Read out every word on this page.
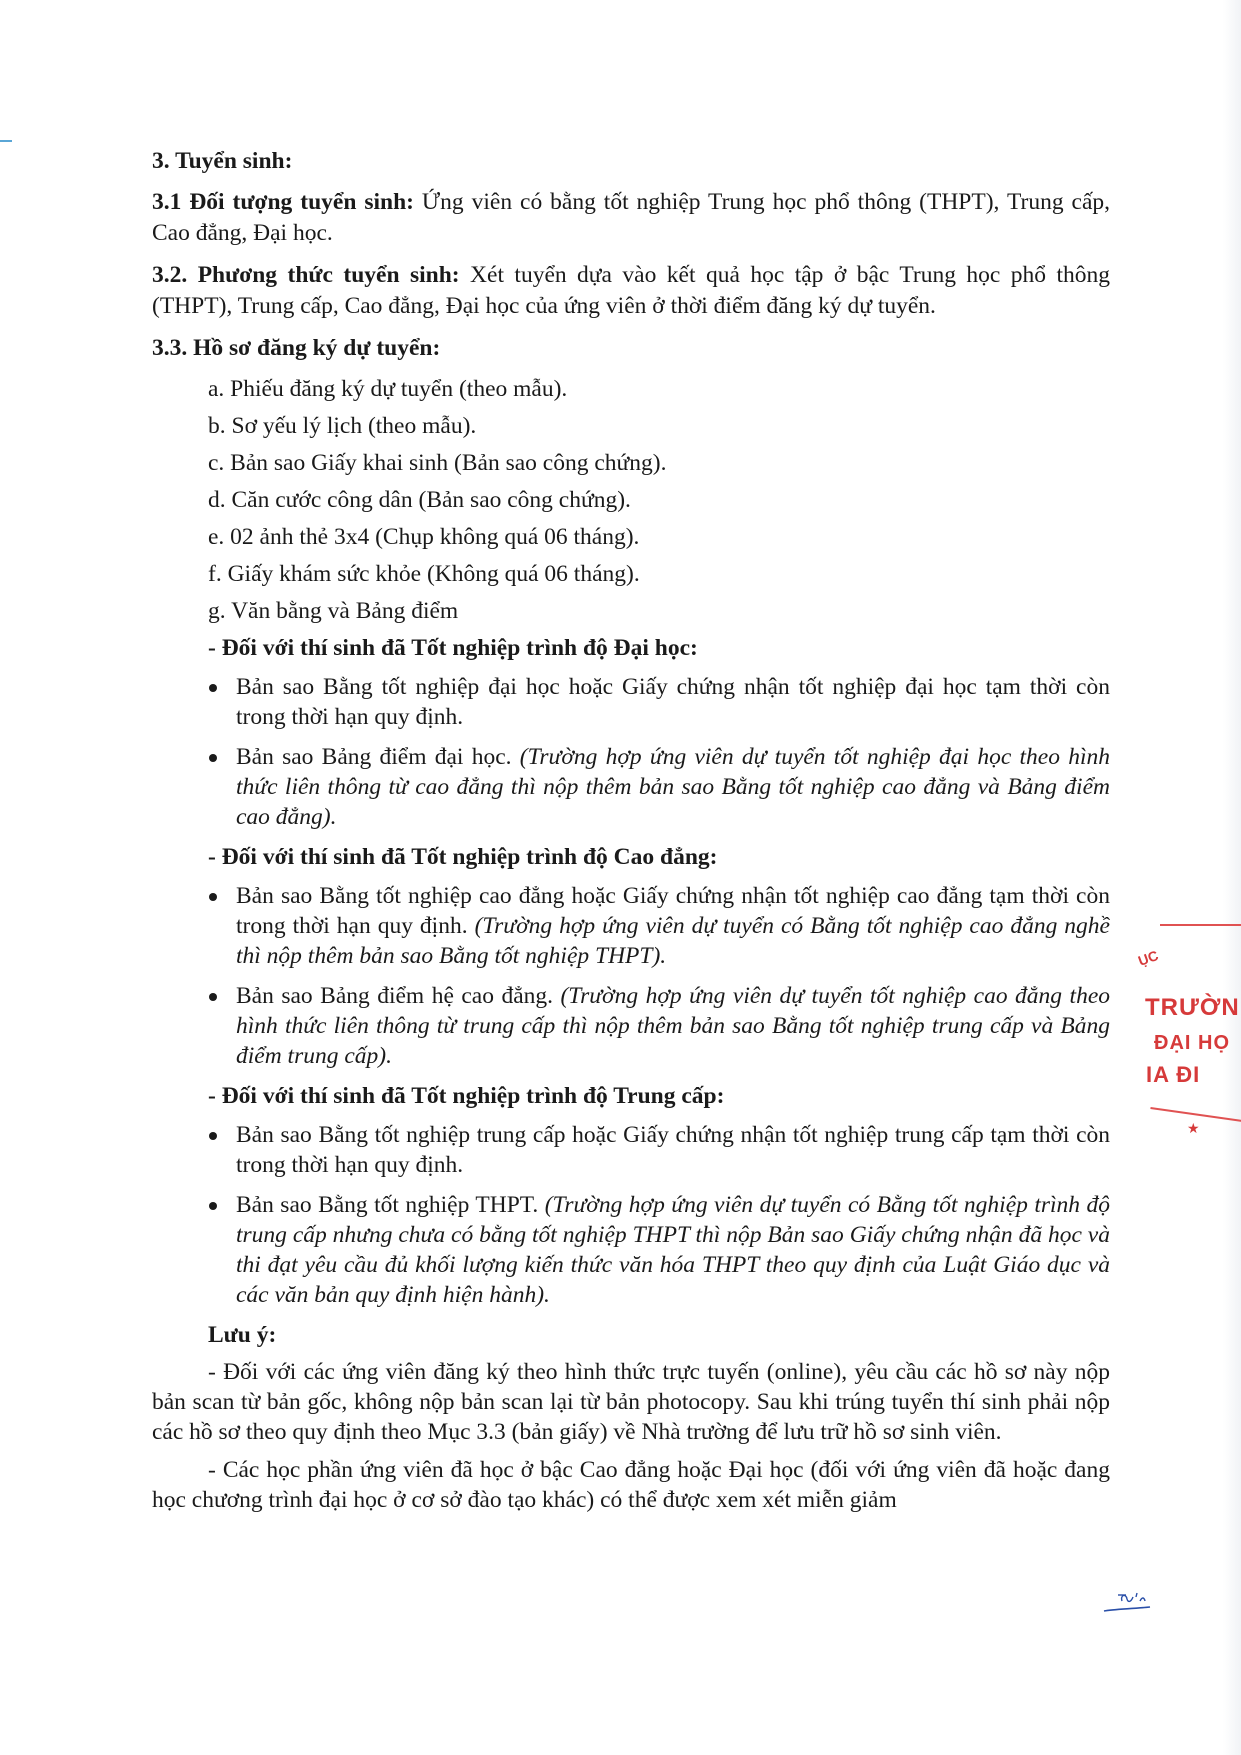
3. Tuyển sinh:

3.1 Đối tượng tuyển sinh: Ứng viên có bằng tốt nghiệp Trung học phổ thông (THPT), Trung cấp, Cao đẳng, Đại học.

3.2. Phương thức tuyển sinh: Xét tuyển dựa vào kết quả học tập ở bậc Trung học phổ thông (THPT), Trung cấp, Cao đẳng, Đại học của ứng viên ở thời điểm đăng ký dự tuyển.

3.3. Hồ sơ đăng ký dự tuyển:
a. Phiếu đăng ký dự tuyển (theo mẫu).
b. Sơ yếu lý lịch (theo mẫu).
c. Bản sao Giấy khai sinh (Bản sao công chứng).
d. Căn cước công dân (Bản sao công chứng).
e. 02 ảnh thẻ 3x4 (Chụp không quá 06 tháng).
f. Giấy khám sức khỏe (Không quá 06 tháng).
g. Văn bằng và Bảng điểm
- Đối với thí sinh đã Tốt nghiệp trình độ Đại học:
Bản sao Bằng tốt nghiệp đại học hoặc Giấy chứng nhận tốt nghiệp đại học tạm thời còn trong thời hạn quy định.
Bản sao Bảng điểm đại học. (Trường hợp ứng viên dự tuyển tốt nghiệp đại học theo hình thức liên thông từ cao đẳng thì nộp thêm bản sao Bằng tốt nghiệp cao đẳng và Bảng điểm cao đẳng).
- Đối với thí sinh đã Tốt nghiệp trình độ Cao đẳng:
Bản sao Bằng tốt nghiệp cao đẳng hoặc Giấy chứng nhận tốt nghiệp cao đẳng tạm thời còn trong thời hạn quy định. (Trường hợp ứng viên dự tuyển có Bằng tốt nghiệp cao đẳng nghề thì nộp thêm bản sao Bằng tốt nghiệp THPT).
Bản sao Bảng điểm hệ cao đẳng. (Trường hợp ứng viên dự tuyển tốt nghiệp cao đẳng theo hình thức liên thông từ trung cấp thì nộp thêm bản sao Bằng tốt nghiệp trung cấp và Bảng điểm trung cấp).
- Đối với thí sinh đã Tốt nghiệp trình độ Trung cấp:
Bản sao Bằng tốt nghiệp trung cấp hoặc Giấy chứng nhận tốt nghiệp trung cấp tạm thời còn trong thời hạn quy định.
Bản sao Bằng tốt nghiệp THPT. (Trường hợp ứng viên dự tuyển có Bằng tốt nghiệp trình độ trung cấp nhưng chưa có bằng tốt nghiệp THPT thì nộp Bản sao Giấy chứng nhận đã học và thi đạt yêu cầu đủ khối lượng kiến thức văn hóa THPT theo quy định của Luật Giáo dục và các văn bản quy định hiện hành).
Lưu ý:

- Đối với các ứng viên đăng ký theo hình thức trực tuyến (online), yêu cầu các hồ sơ này nộp bản scan từ bản gốc, không nộp bản scan lại từ bản photocopy. Sau khi trúng tuyển thí sinh phải nộp các hồ sơ theo quy định theo Mục 3.3 (bản giấy) về Nhà trường để lưu trữ hồ sơ sinh viên.

- Các học phần ứng viên đã học ở bậc Cao đẳng hoặc Đại học (đối với ứng viên đã hoặc đang học chương trình đại học ở cơ sở đào tạo khác) có thể được xem xét miễn giảm

ỤC
TRƯỜN
ĐẠI HỌ
IA ĐI
★
